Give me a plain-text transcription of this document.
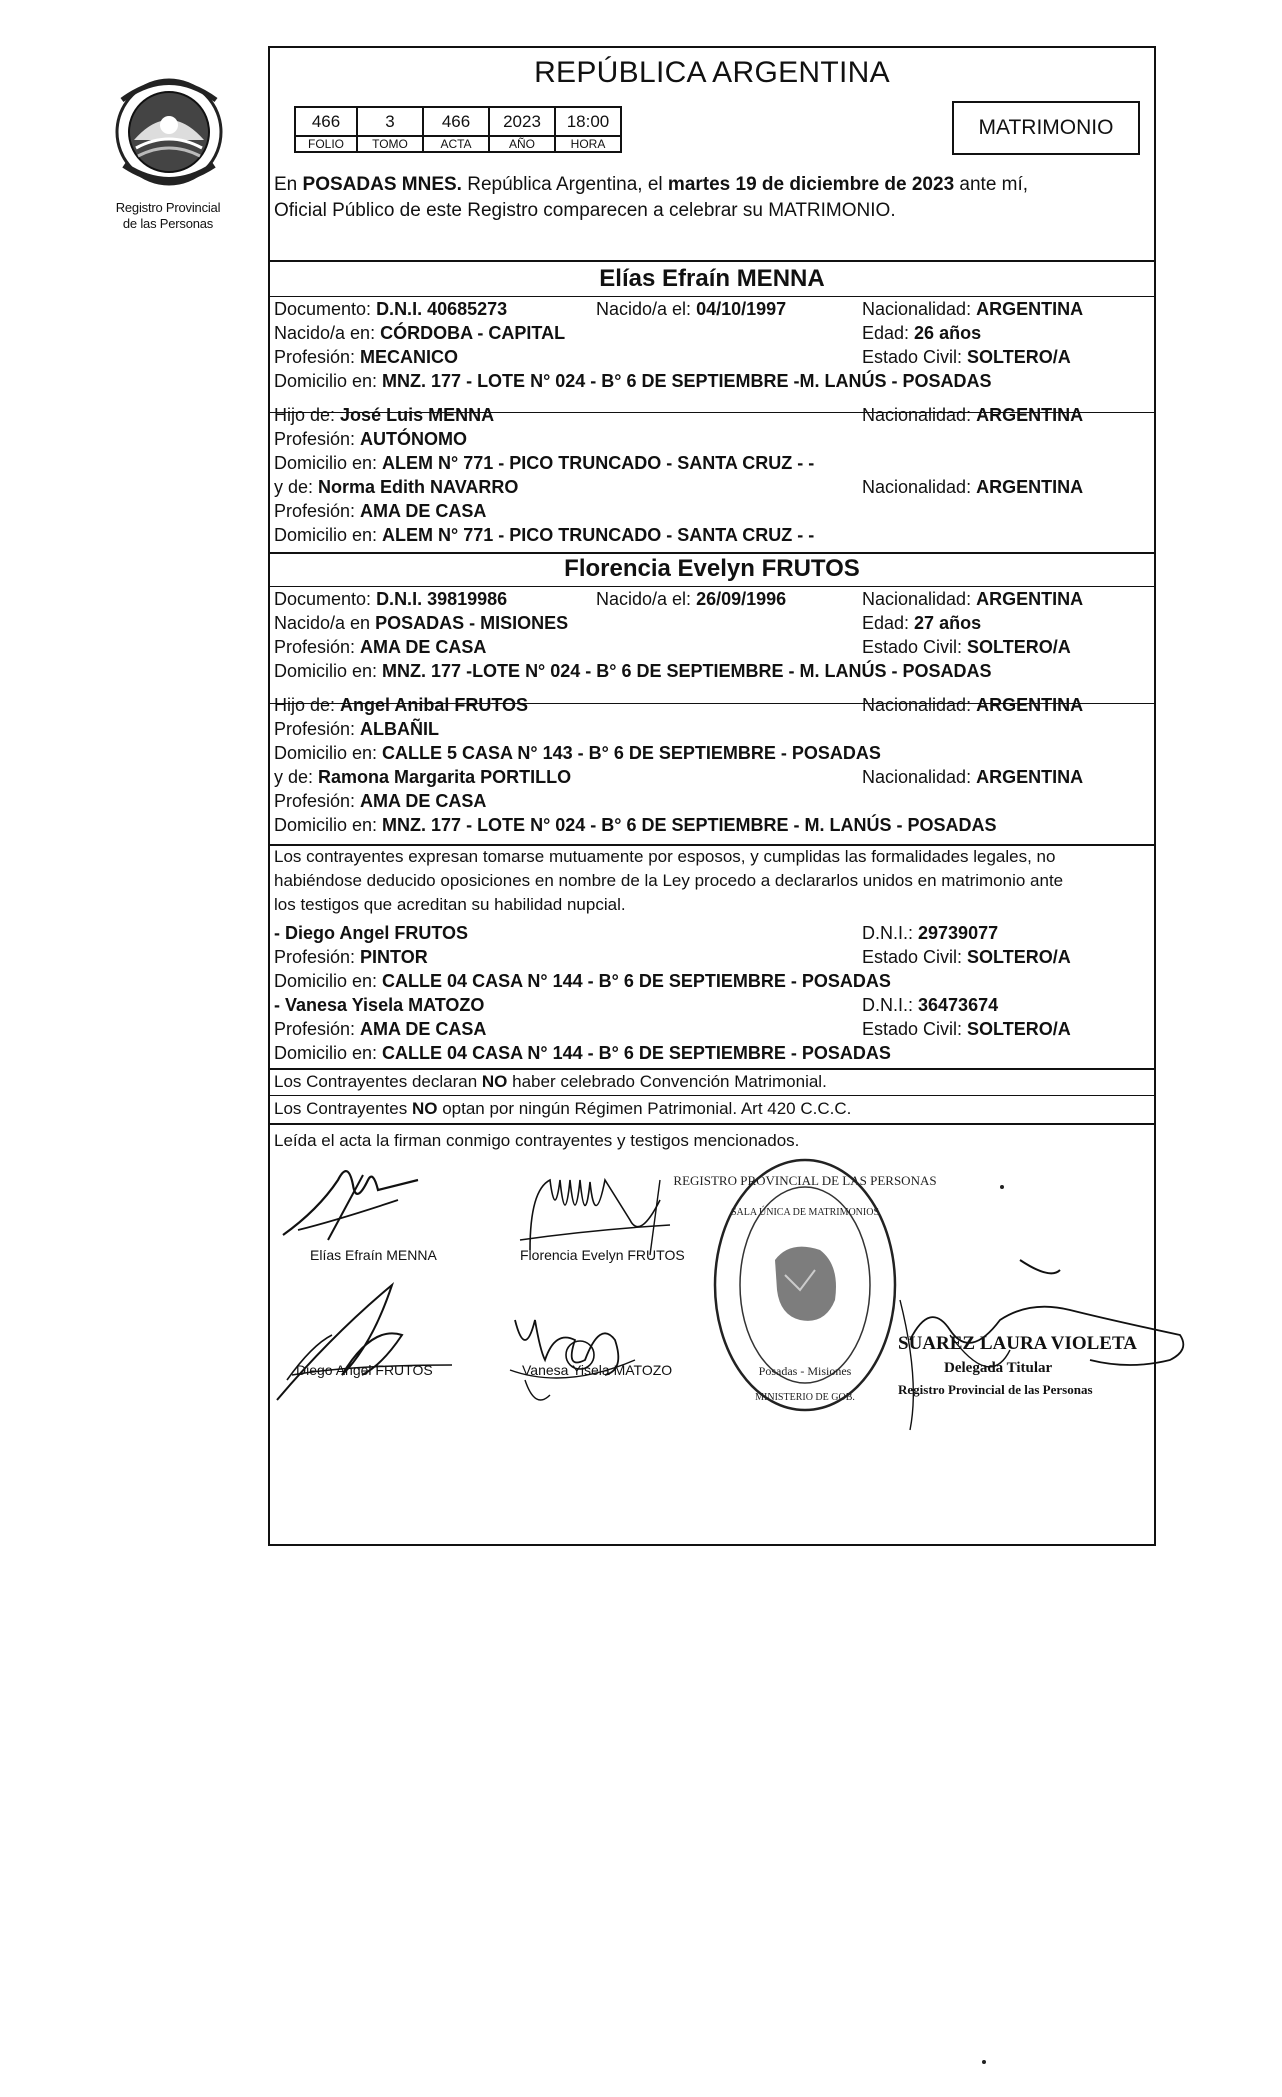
Registro Provincial
de las Personas
REPÚBLICA ARGENTINA
466	3	466	2023	18:00
FOLIO	TOMO	ACTA	AÑO	HORA
MATRIMONIO
En POSADAS MNES. República Argentina, el martes 19 de diciembre de 2023 ante mí,
Oficial Público de este Registro comparecen a celebrar su MATRIMONIO.
Elías Efraín MENNA
Documento: D.N.I. 40685273	Nacido/a el: 04/10/1997	Nacionalidad: ARGENTINA
Nacido/a en: CÓRDOBA - CAPITAL	Edad: 26 años
Profesión: MECANICO	Estado Civil: SOLTERO/A
Domicilio en: MNZ. 177 - LOTE N° 024 - B° 6 DE SEPTIEMBRE -M. LANÚS - POSADAS
Hijo de: José Luis MENNA	Nacionalidad: ARGENTINA
Profesión: AUTÓNOMO
Domicilio en: ALEM N° 771 - PICO TRUNCADO - SANTA CRUZ - -
y de: Norma Edith NAVARRO	Nacionalidad: ARGENTINA
Profesión: AMA DE CASA
Domicilio en: ALEM N° 771 - PICO TRUNCADO - SANTA CRUZ - -
Florencia Evelyn FRUTOS
Documento: D.N.I. 39819986	Nacido/a el: 26/09/1996	Nacionalidad: ARGENTINA
Nacido/a en POSADAS - MISIONES	Edad: 27 años
Profesión: AMA DE CASA	Estado Civil: SOLTERO/A
Domicilio en: MNZ. 177 -LOTE N° 024 - B° 6 DE SEPTIEMBRE - M. LANÚS - POSADAS
Hijo de: Angel Anibal FRUTOS	Nacionalidad: ARGENTINA
Profesión: ALBAÑIL
Domicilio en: CALLE 5 CASA N° 143 - B° 6 DE SEPTIEMBRE - POSADAS
y de: Ramona Margarita PORTILLO	Nacionalidad: ARGENTINA
Profesión: AMA DE CASA
Domicilio en: MNZ. 177 - LOTE N° 024 - B° 6 DE SEPTIEMBRE - M. LANÚS - POSADAS
Los contrayentes expresan tomarse mutuamente por esposos, y cumplidas las formalidades legales, no
habiéndose deducido oposiciones en nombre de la Ley procedo a declararlos unidos en matrimonio ante
los testigos que acreditan su habilidad nupcial.
- Diego Angel FRUTOS	D.N.I.: 29739077
Profesión: PINTOR	Estado Civil: SOLTERO/A
Domicilio en: CALLE 04 CASA N° 144 - B° 6 DE SEPTIEMBRE - POSADAS
- Vanesa Yisela MATOZO	D.N.I.: 36473674
Profesión: AMA DE CASA	Estado Civil: SOLTERO/A
Domicilio en: CALLE 04 CASA N° 144 - B° 6 DE SEPTIEMBRE - POSADAS
Los Contrayentes declaran NO haber celebrado Convención Matrimonial.
Los Contrayentes NO optan por ningún Régimen Patrimonial. Art 420 C.C.C.
Leída el acta la firman conmigo contrayentes y testigos mencionados.
Elías Efraín MENNA	Florencia Evelyn FRUTOS
Diego Angel FRUTOS	Vanesa Yisela MATOZO
REGISTRO PROVINCIAL DE LAS PERSONAS
SALA ÚNICA DE MATRIMONIOS
Posadas - Misiones
MINISTERIO DE GOB.
SUAREZ LAURA VIOLETA
Delegada Titular
Registro Provincial de las Personas
